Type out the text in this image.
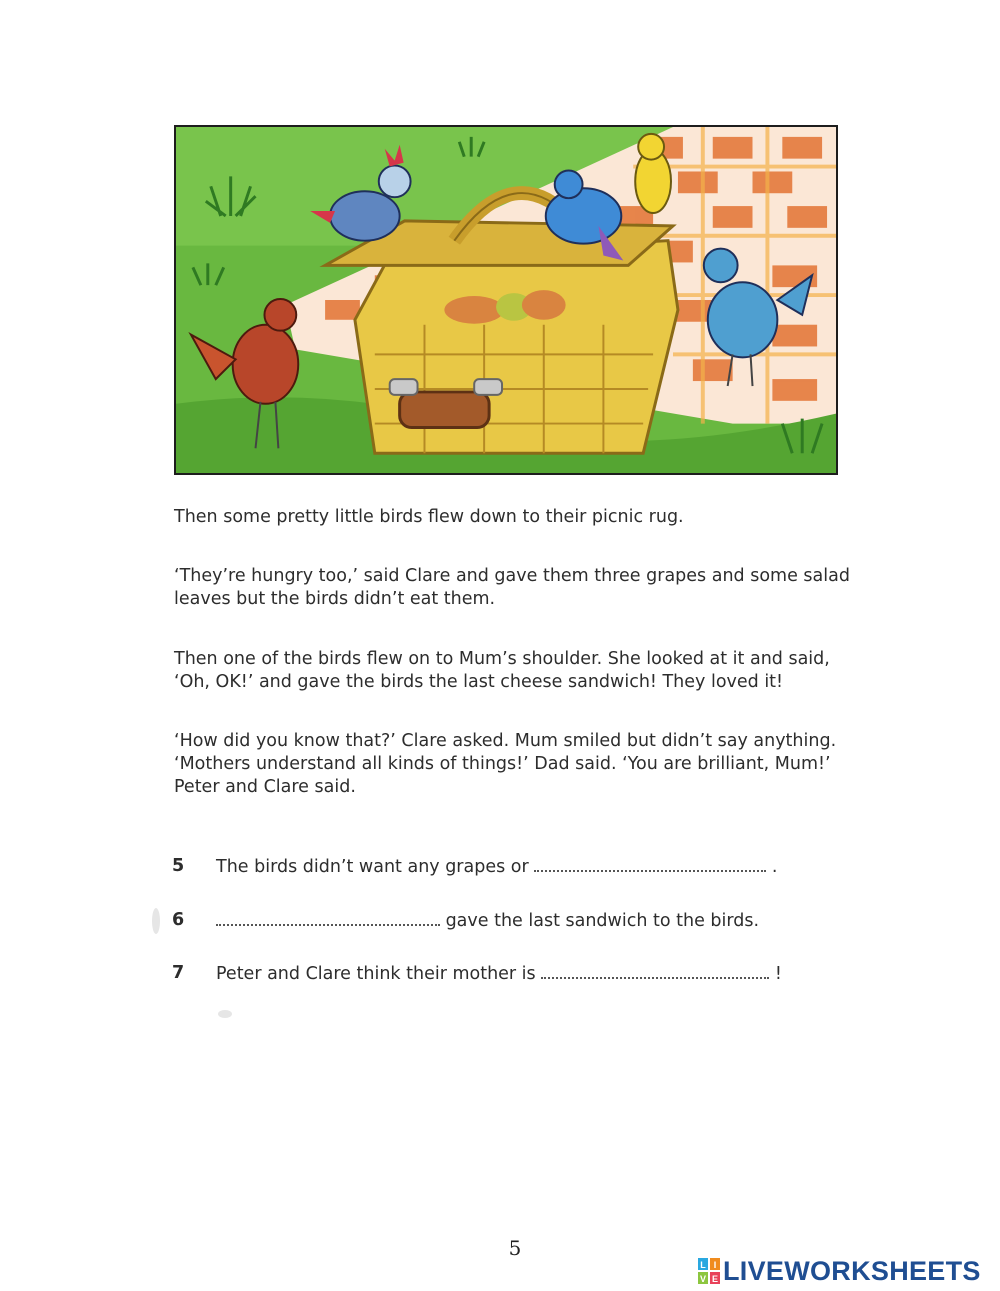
Then some pretty little birds flew down to their picnic rug.
‘They’re hungry too,’ said Clare and gave them three grapes and some salad
leaves but the birds didn’t eat them.
Then one of the birds flew on to Mum’s shoulder. She looked at it and said,
‘Oh, OK!’ and gave the birds the last cheese sandwich! They loved it!
‘How did you know that?’ Clare asked. Mum smiled but didn’t say anything.
‘Mothers understand all kinds of things!’ Dad said. ‘You are brilliant, Mum!’
Peter and Clare said.
5 The birds didn’t want any grapes or	.
6	gave the last sandwich to the birds.
7 Peter and Clare think their mother is	!
5
L I
V E LIVEWORKSHEETS
